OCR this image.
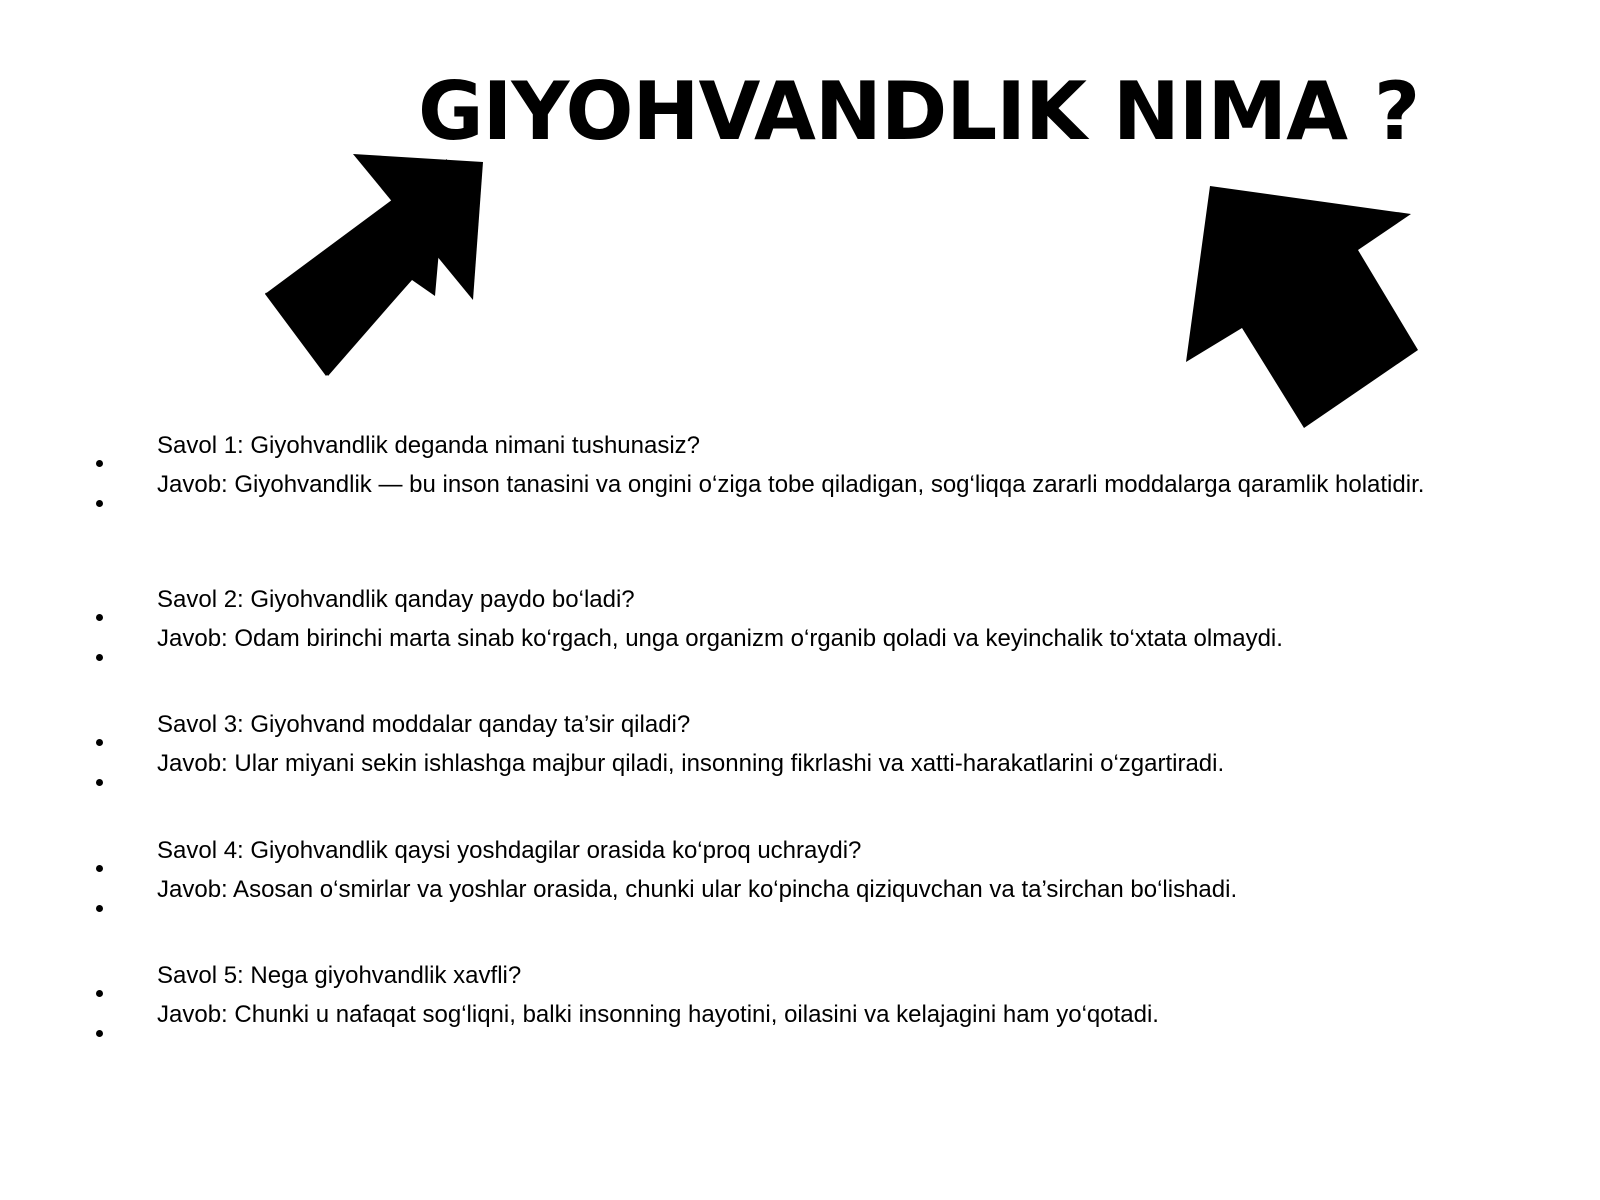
GIYOHVANDLIK NIMA ?
Savol 1: Giyohvandlik deganda nimani tushunasiz?
Javob: Giyohvandlik — bu inson tanasini va ongini o‘ziga tobe qiladigan, sog‘liqqa zararli moddalarga qaramlik holatidir.
Savol 2: Giyohvandlik qanday paydo bo‘ladi?
Javob: Odam birinchi marta sinab ko‘rgach, unga organizm o‘rganib qoladi va keyinchalik to‘xtata olmaydi.
Savol 3: Giyohvand moddalar qanday ta’sir qiladi?
Javob: Ular miyani sekin ishlashga majbur qiladi, insonning fikrlashi va xatti-harakatlarini o‘zgartiradi.
Savol 4: Giyohvandlik qaysi yoshdagilar orasida ko‘proq uchraydi?
Javob: Asosan o‘smirlar va yoshlar orasida, chunki ular ko‘pincha qiziquvchan va ta’sirchan bo‘lishadi.
Savol 5: Nega giyohvandlik xavfli?
Javob: Chunki u nafaqat sog‘liqni, balki insonning hayotini, oilasini va kelajagini ham yo‘qotadi.
